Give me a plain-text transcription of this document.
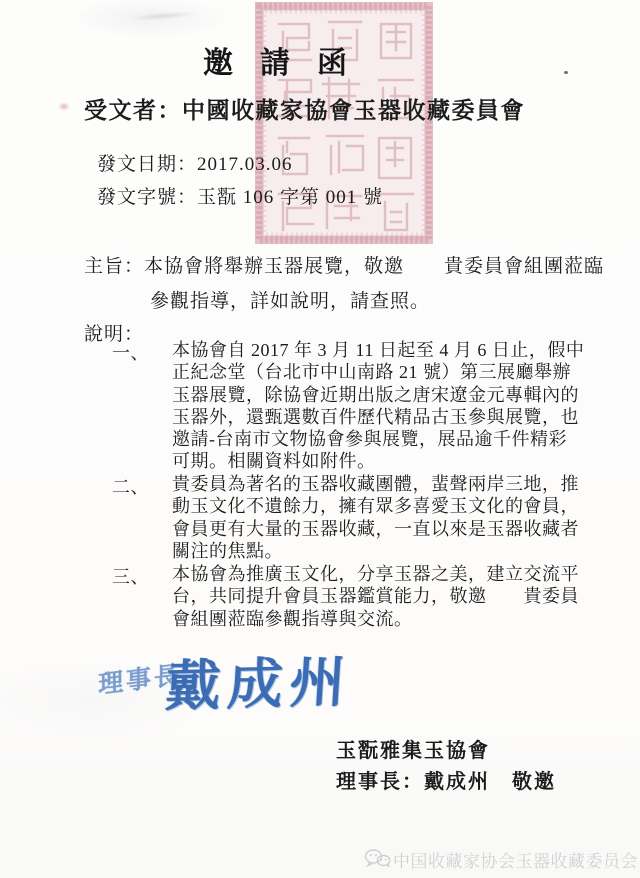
邀請函
受文者：中國收藏家協會玉器收藏委員會
發文日期：2017.03.06
發文字號：玉翫 106 字第 001 號
主旨：本協會將舉辦玉器展覽，敬邀　　貴委員會組團蒞臨
參觀指導，詳如說明，請查照。
說明：
一、 本協會自 2017 年 3 月 11 日起至 4 月 6 日止，假中
正紀念堂（台北市中山南路 21 號）第三展廳舉辦
玉器展覽，除協會近期出版之唐宋遼金元專輯內的
玉器外，還甄選數百件歷代精品古玉參與展覽，也
邀請-台南市文物協會參與展覽，展品逾千件精彩
可期。相關資料如附件。
二、 貴委員為著名的玉器收藏團體，蜚聲兩岸三地，推
動玉文化不遺餘力，擁有眾多喜愛玉文化的會員，
會員更有大量的玉器收藏，一直以來是玉器收藏者
關注的焦點。
三、 本協會為推廣玉文化，分享玉器之美，建立交流平
台，共同提升會員玉器鑑賞能力，敬邀　　貴委員
會組團蒞臨參觀指導與交流。
理事長
戴成州
玉翫雅集玉協會
理事長：戴成州　敬邀
中国收藏家协会玉器收藏委员会
